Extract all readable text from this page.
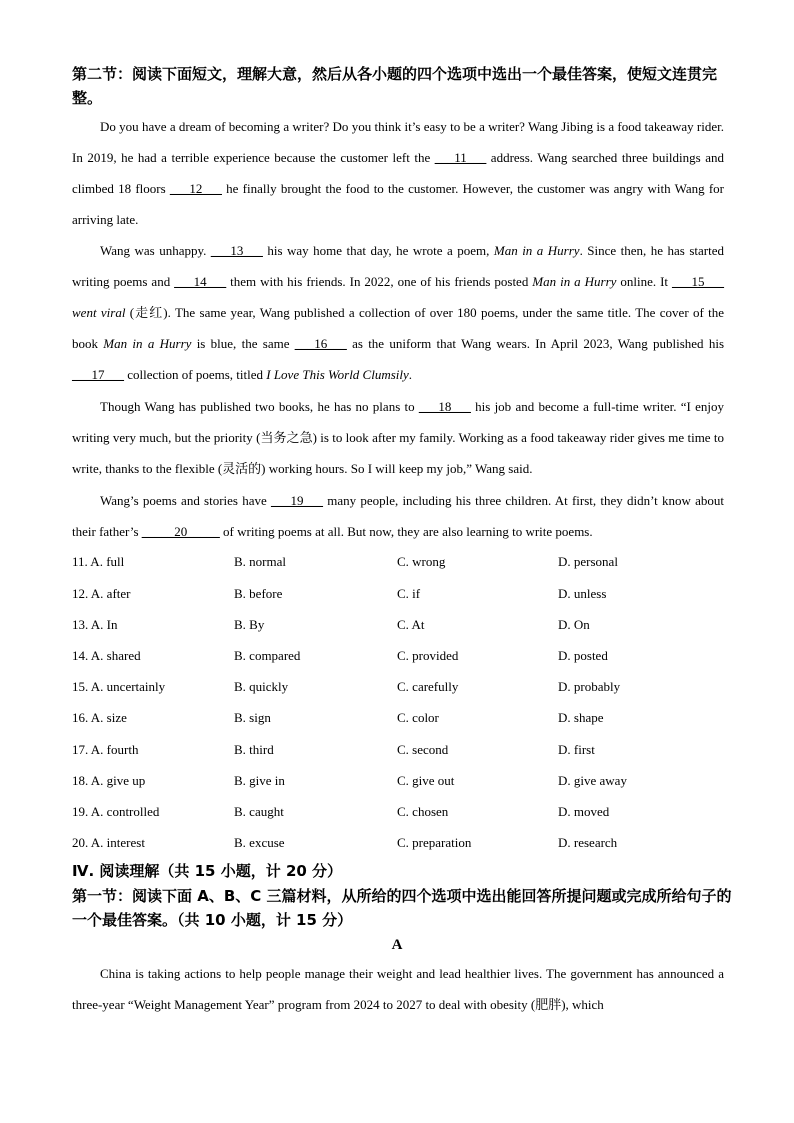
第二节：阅读下面短文，理解大意，然后从各小题的四个选项中选出一个最佳答案，使短文连贯完整。
Do you have a dream of becoming a writer? Do you think it’s easy to be a writer? Wang Jibing is a food takeaway rider. In 2019, he had a terrible experience because the customer left the ___11___ address. Wang searched three buildings and climbed 18 floors ___12___ he finally brought the food to the customer. However, the customer was angry with Wang for arriving late.
Wang was unhappy. ___13___ his way home that day, he wrote a poem, Man in a Hurry. Since then, he has started writing poems and ___14___ them with his friends. In 2022, one of his friends posted Man in a Hurry online. It ___15___ went viral (走红). The same year, Wang published a collection of over 180 poems, under the same title. The cover of the book Man in a Hurry is blue, the same ___16___ as the uniform that Wang wears. In April 2023, Wang published his ___17___ collection of poems, titled I Love This World Clumsily.
Though Wang has published two books, he has no plans to ___18___ his job and become a full-time writer. “I enjoy writing very much, but the priority (当务之急) is to look after my family. Working as a food takeaway rider gives me time to write, thanks to the flexible (灵活的) working hours. So I will keep my job,” Wang said.
Wang’s poems and stories have ___19___ many people, including his three children. At first, they didn’t know about their father’s _____20_____ of writing poems at all. But now, they are also learning to write poems.
11. A. full	B. normal	C. wrong	D. personal
12. A. after	B. before	C. if	D. unless
13. A. In	B. By	C. At	D. On
14. A. shared	B. compared	C. provided	D. posted
15. A. uncertainly	B. quickly	C. carefully	D. probably
16. A. size	B. sign	C. color	D. shape
17. A. fourth	B. third	C. second	D. first
18. A. give up	B. give in	C. give out	D. give away
19. A. controlled	B. caught	C. chosen	D. moved
20. A. interest	B. excuse	C. preparation	D. research
Ⅳ. 阅读理解（共 15 小题，计 20 分）
第一节：阅读下面 A、B、C 三篇材料，从所给的四个选项中选出能回答所提问题或完成所给句子的一个最佳答案。（共 10 小题，计 15 分）
A
China is taking actions to help people manage their weight and lead healthier lives. The government has announced a three-year “Weight Management Year” program from 2024 to 2027 to deal with obesity (肥胖), which
